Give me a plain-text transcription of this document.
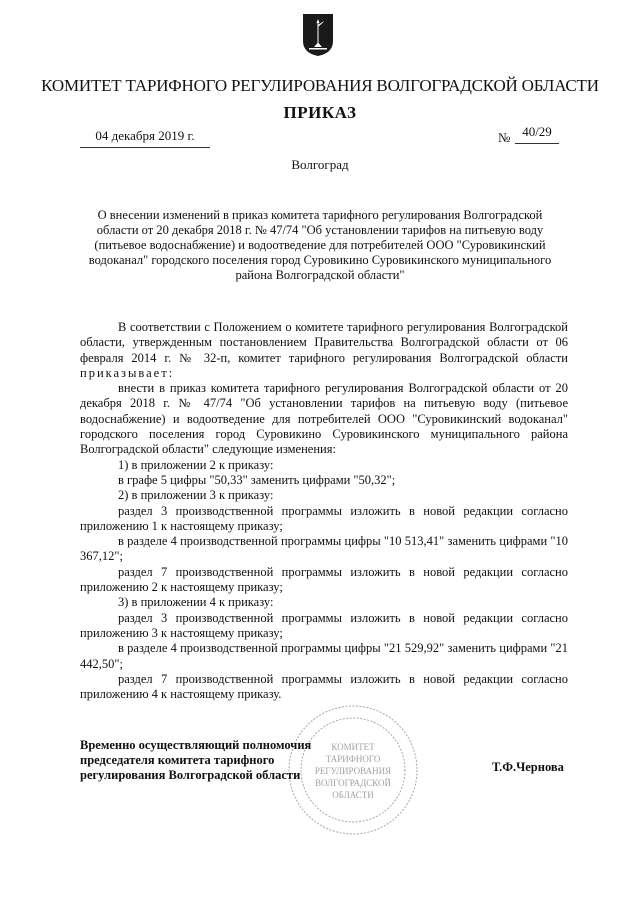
КОМИТЕТ ТАРИФНОГО РЕГУЛИРОВАНИЯ ВОЛГОГРАДСКОЙ ОБЛАСТИ
ПРИКАЗ
04 декабря 2019 г.	№ 40/29
Волгоград
О внесении изменений в приказ комитета тарифного регулирования Волгоградской области от 20 декабря 2018 г. № 47/74 "Об установлении тарифов на питьевую воду (питьевое водоснабжение) и водоотведение для потребителей ООО "Суровикинский водоканал" городского поселения город Суровикино Суровикинского муниципального района Волгоградской области"

В соответствии с Положением о комитете тарифного регулирования Волгоградской области, утвержденным постановлением Правительства Волгоградской области от 06 февраля 2014 г. № 32-п, комитет тарифного регулирования Волгоградской области приказывает:

внести в приказ комитета тарифного регулирования Волгоградской области от 20 декабря 2018 г. № 47/74 "Об установлении тарифов на питьевую воду (питьевое водоснабжение) и водоотведение для потребителей ООО "Суровикинский водоканал" городского поселения город Суровикино Суровикинского муниципального района Волгоградской области" следующие изменения:

1) в приложении 2 к приказу:

в графе 5 цифры "50,33" заменить цифрами "50,32";

2) в приложении 3 к приказу:

раздел 3 производственной программы изложить в новой редакции согласно приложению 1 к настоящему приказу;

в разделе 4 производственной программы цифры "10 513,41" заменить цифрами "10 367,12";

раздел 7 производственной программы изложить в новой редакции согласно приложению 2 к настоящему приказу;

3) в приложении 4 к приказу:

раздел 3 производственной программы изложить в новой редакции согласно приложению 3 к настоящему приказу;

в разделе 4 производственной программы цифры "21 529,92" заменить цифрами "21 442,50";

раздел 7 производственной программы изложить в новой редакции согласно приложению 4 к настоящему приказу.

КОМИТЕТ
ТАРИФНОГО
РЕГУЛИРОВАНИЯ
ВОЛГОГРАДСКОЙ
ОБЛАСТИ
Временно осуществляющий полномочия
председателя комитета тарифного
регулирования Волгоградской области
Т.Ф.Чернова
